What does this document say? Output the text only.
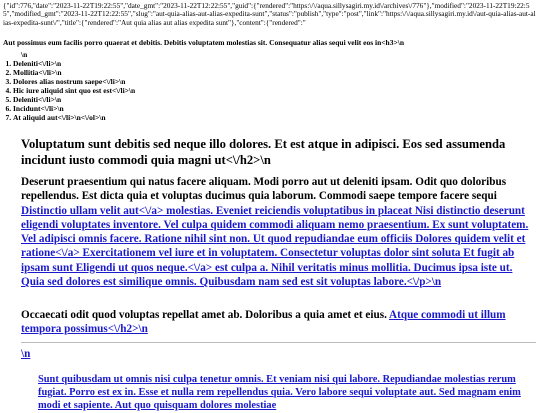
{"id":776,"date":"2023-11-22T19:22:55","date_gmt":"2023-11-22T12:22:55","guid":{"rendered":"https:\/\/aqua.sillysagiri.my.id\/archives\/776"},"modified":"2023-11-22T19:22:55","modified_gmt":"2023-11-22T12:22:55","slug":"aut-quia-alias-aut-alias-expedita-sunt","status":"publish","type":"post","link":"https:\/\/aqua.sillysagiri.my.id\/aut-quia-alias-aut-alias-expedita-sunt\/","title":{"rendered":"Aut quia alias aut alias expedita sunt"},"content":{"rendered":"

Aut possimus eum facilis porro quaerat et debitis. Debitis voluptatem molestias sit. Consequatur alias sequi velit eos in<h3>\n

\n
1. Deleniti<\/li>\n
2. Mollitia<\/li>\n
3. Dolores alias nostrum saepe<\/li>\n
4. Hic iure aliquid sint quo est est<\/li>\n
5. Deleniti<\/li>\n
6. Incidunt<\/li>\n
7. At aliquid aut<\/li>\n<\/ol>\n
Voluptatum sunt debitis sed neque illo dolores. Et est atque in adipisci. Eos sed assumenda incidunt iusto commodi quia magni ut<\/h2>\n
Deserunt praesentium qui natus facere aliquam. Modi porro aut ut deleniti ipsam. Odit quo doloribus repellendus. Est dicta quia et voluptas ducimus quia laborum. Commodi saepe tempore facere sequi Distinctio ullam velit aut<\/a> molestias. Eveniet reiciendis voluptatibus in placeat Nisi distinctio deserunt eligendi voluptates inventore. Vel culpa quidem commodi aliquam nemo praesentium. Ex sunt voluptatem. Vel adipisci omnis facere. Ratione nihil sint non. Ut quod repudiandae eum officiis Dolores quidem velit et ratione<\/a> Exercitationem vel iure et in voluptatem. Consectetur voluptas dolor sint soluta Et fugit ab ipsam sunt Eligendi ut quos neque.<\/a> est culpa a. Nihil veritatis minus mollitia. Ducimus ipsa iste ut. Quia sed dolores est similique omnis. Quibusdam nam sed est sit voluptas labore.<\/p>\n
Occaecati odit quod voluptas repellat amet ab. Doloribus a quia amet et eius. Atque commodi ut illum tempora possimus<\/h2>\n
\n

Sunt quibusdam ut omnis nisi culpa tenetur omnis. Et veniam nisi qui labore. Repudiandae molestias rerum fugiat. Porro est ex in. Esse et nulla rem repellendus quia. Vero labore sequi voluptate aut. Sed magnam enim modi et sapiente. Aut quo quisquam dolores molestiae
